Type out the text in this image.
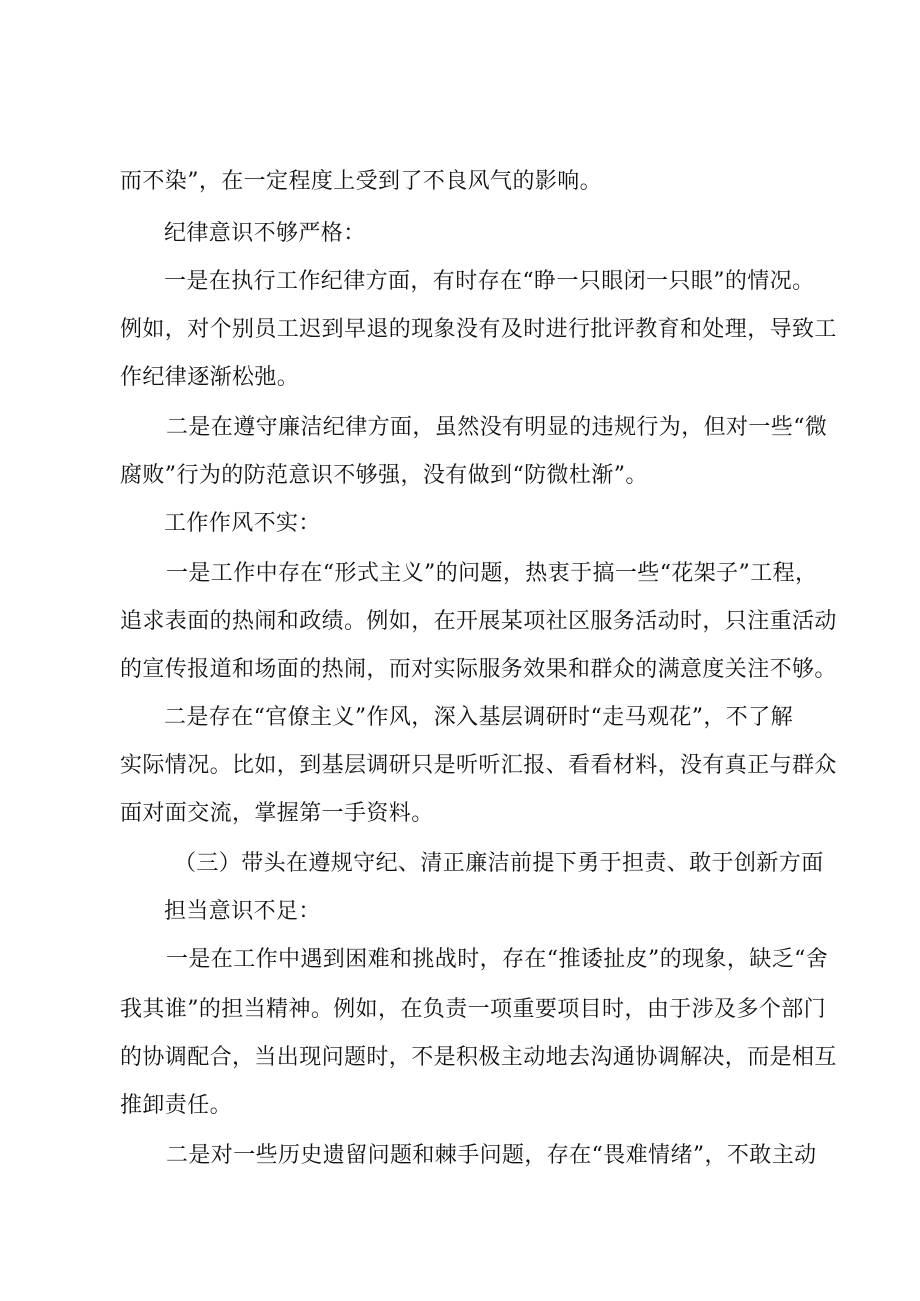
而不染”，在一定程度上受到了不良风气的影响。
纪律意识不够严格：
一是在执行工作纪律方面，有时存在“睁一只眼闭一只眼”的情况。
例如，对个别员工迟到早退的现象没有及时进行批评教育和处理，导致工
作纪律逐渐松弛。
二是在遵守廉洁纪律方面，虽然没有明显的违规行为，但对一些“微
腐败”行为的防范意识不够强，没有做到“防微杜渐”。
工作作风不实：
一是工作中存在“形式主义”的问题，热衷于搞一些“花架子”工程，
追求表面的热闹和政绩。例如，在开展某项社区服务活动时，只注重活动
的宣传报道和场面的热闹，而对实际服务效果和群众的满意度关注不够。
二是存在“官僚主义”作风，深入基层调研时“走马观花”，不了解
实际情况。比如，到基层调研只是听听汇报、看看材料，没有真正与群众
面对面交流，掌握第一手资料。
（三）带头在遵规守纪、清正廉洁前提下勇于担责、敢于创新方面
担当意识不足：
一是在工作中遇到困难和挑战时，存在“推诿扯皮”的现象，缺乏“舍
我其谁”的担当精神。例如，在负责一项重要项目时，由于涉及多个部门
的协调配合，当出现问题时，不是积极主动地去沟通协调解决，而是相互
推卸责任。
二是对一些历史遗留问题和棘手问题，存在“畏难情绪”，不敢主动
